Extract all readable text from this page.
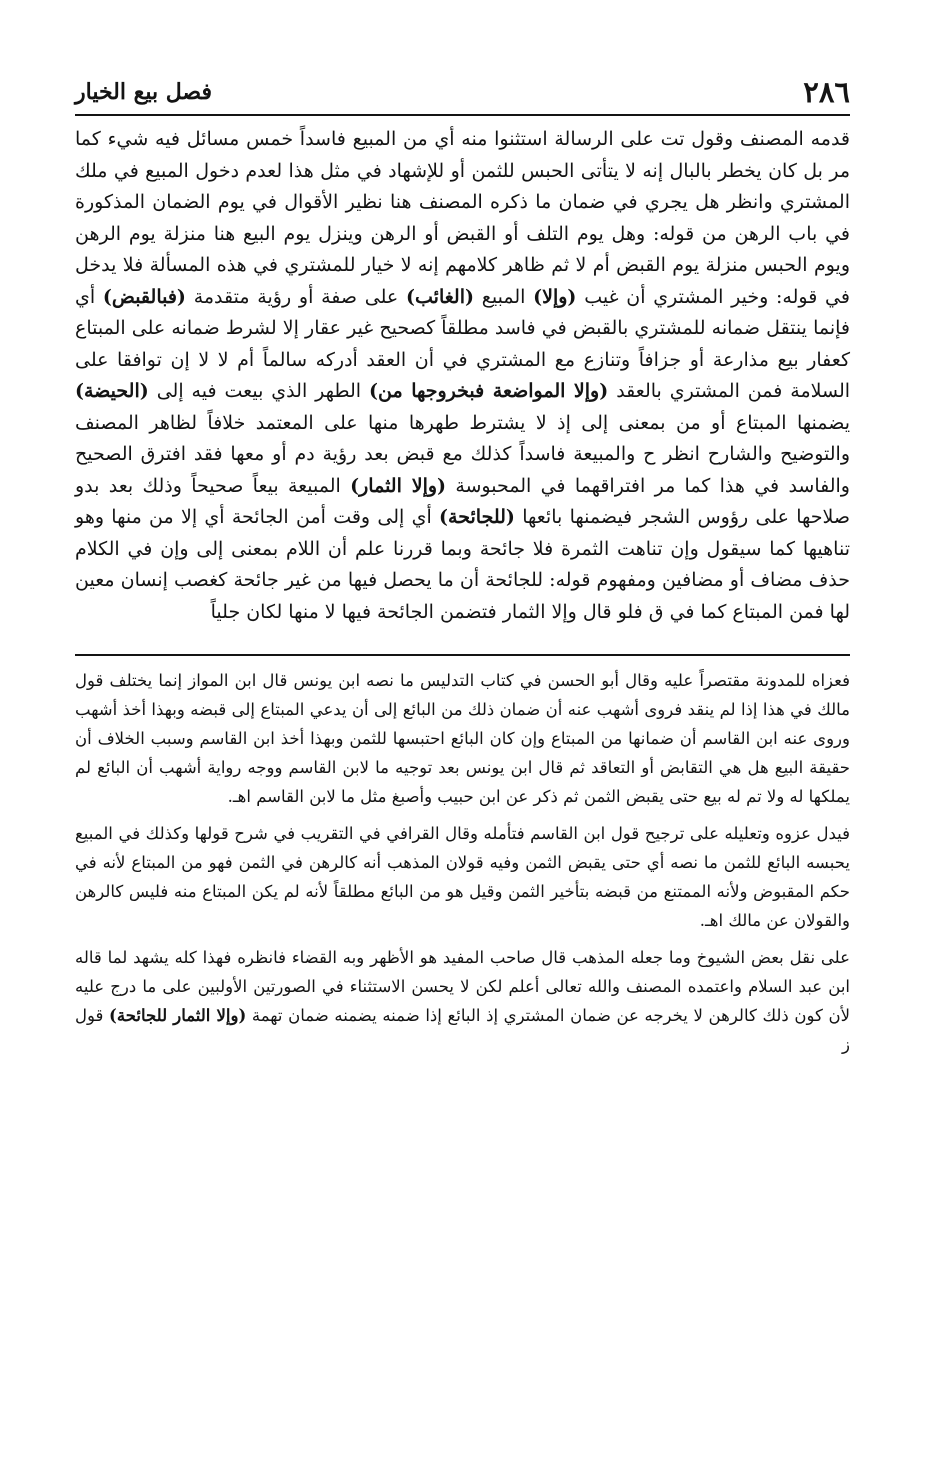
٢٨٦
فصل بيع الخيار

قدمه المصنف وقول تت على الرسالة استثنوا منه أي من المبيع فاسداً خمس مسائل فيه شيء كما مر بل كان يخطر بالبال إنه لا يتأتى الحبس للثمن أو للإشهاد في مثل هذا لعدم دخول المبيع في ملك المشتري وانظر هل يجري في ضمان ما ذكره المصنف هنا نظير الأقوال في يوم الضمان المذكورة في باب الرهن من قوله: وهل يوم التلف أو القبض أو الرهن وينزل يوم البيع هنا منزلة يوم الرهن ويوم الحبس منزلة يوم القبض أم لا ثم ظاهر كلامهم إنه لا خيار للمشتري في هذه المسألة فلا يدخل في قوله: وخير المشتري أن غيب (وإلا) المبيع (الغائب) على صفة أو رؤية متقدمة (فبالقبض) أي فإنما ينتقل ضمانه للمشتري بالقبض في فاسد مطلقاً كصحيح غير عقار إلا لشرط ضمانه على المبتاع كعفار بيع مذارعة أو جزافاً وتنازع مع المشتري في أن العقد أدركه سالماً أم لا لا إن توافقا على السلامة فمن المشتري بالعقد (وإلا المواضعة فبخروجها من) الطهر الذي بيعت فيه إلى (الحيضة) يضمنها المبتاع أو من بمعنى إلى إذ لا يشترط طهرها منها على المعتمد خلافاً لظاهر المصنف والتوضيح والشارح انظر ح والمبيعة فاسداً كذلك مع قبض بعد رؤية دم أو معها فقد افترق الصحيح والفاسد في هذا كما مر افتراقهما في المحبوسة (وإلا الثمار) المبيعة بيعاً صحيحاً وذلك بعد بدو صلاحها على رؤوس الشجر فيضمنها بائعها (للجائحة) أي إلى وقت أمن الجائحة أي إلا من منها وهو تناهيها كما سيقول وإن تناهت الثمرة فلا جائحة وبما قررنا علم أن اللام بمعنى إلى وإن في الكلام حذف مضاف أو مضافين ومفهوم قوله: للجائحة أن ما يحصل فيها من غير جائحة كغصب إنسان معين لها فمن المبتاع كما في ق فلو قال وإلا الثمار فتضمن الجائحة فيها لا منها لكان جلياً

فعزاه للمدونة مقتصراً عليه وقال أبو الحسن في كتاب التدليس ما نصه ابن يونس قال ابن المواز إنما يختلف قول مالك في هذا إذا لم ينقد فروى أشهب عنه أن ضمان ذلك من البائع إلى أن يدعي المبتاع إلى قبضه وبهذا أخذ أشهب وروى عنه ابن القاسم أن ضمانها من المبتاع وإن كان البائع احتبسها للثمن وبهذا أخذ ابن القاسم وسبب الخلاف أن حقيقة البيع هل هي التقابض أو التعاقد ثم قال ابن يونس بعد توجيه ما لابن القاسم ووجه رواية أشهب أن البائع لم يملكها له ولا تم له بيع حتى يقبض الثمن ثم ذكر عن ابن حبيب وأصبغ مثل ما لابن القاسم اهـ.

فيدل عزوه وتعليله على ترجيح قول ابن القاسم فتأمله وقال القرافي في التقريب في شرح قولها وكذلك في المبيع يحبسه البائع للثمن ما نصه أي حتى يقبض الثمن وفيه قولان المذهب أنه كالرهن في الثمن فهو من المبتاع لأنه في حكم المقبوض ولأنه الممتنع من قبضه بتأخير الثمن وقيل هو من البائع مطلقاً لأنه لم يكن المبتاع منه فليس كالرهن والقولان عن مالك اهـ.

على نقل بعض الشيوخ وما جعله المذهب قال صاحب المفيد هو الأظهر وبه القضاء فانظره فهذا كله يشهد لما قاله ابن عبد السلام واعتمده المصنف والله تعالى أعلم لكن لا يحسن الاستثناء في الصورتين الأولبين على ما درج عليه لأن كون ذلك كالرهن لا يخرجه عن ضمان المشتري إذ البائع إذا ضمنه يضمنه ضمان تهمة (وإلا الثمار للجائحة) قول ز
